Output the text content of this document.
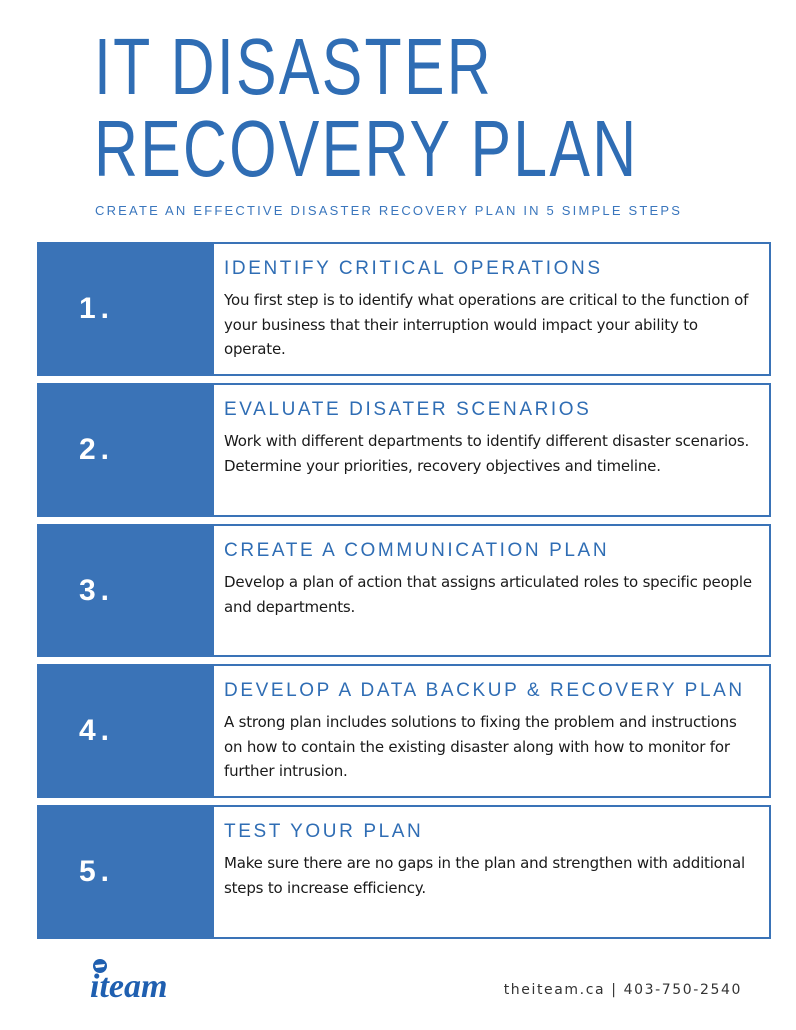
IT DISASTER
RECOVERY PLAN
CREATE AN EFFECTIVE DISASTER RECOVERY PLAN IN 5 SIMPLE STEPS
1.
IDENTIFY CRITICAL OPERATIONS
You first step is to identify what operations are critical to the function of your business that their interruption would impact your ability to operate.
2.
EVALUATE DISATER SCENARIOS
Work with different departments to identify different disaster scenarios. Determine your priorities, recovery objectives and timeline.
3.
CREATE A COMMUNICATION PLAN
Develop a plan of action that assigns articulated roles to specific people and departments.
4.
DEVELOP A DATA BACKUP & RECOVERY PLAN
A strong plan includes solutions to fixing the problem and instructions on how to contain the existing disaster along with how to monitor for further intrusion.
5.
TEST YOUR PLAN
Make sure there are no gaps in the plan and strengthen with additional steps to increase efficiency.
iteam	theiteam.ca | 403-750-2540
